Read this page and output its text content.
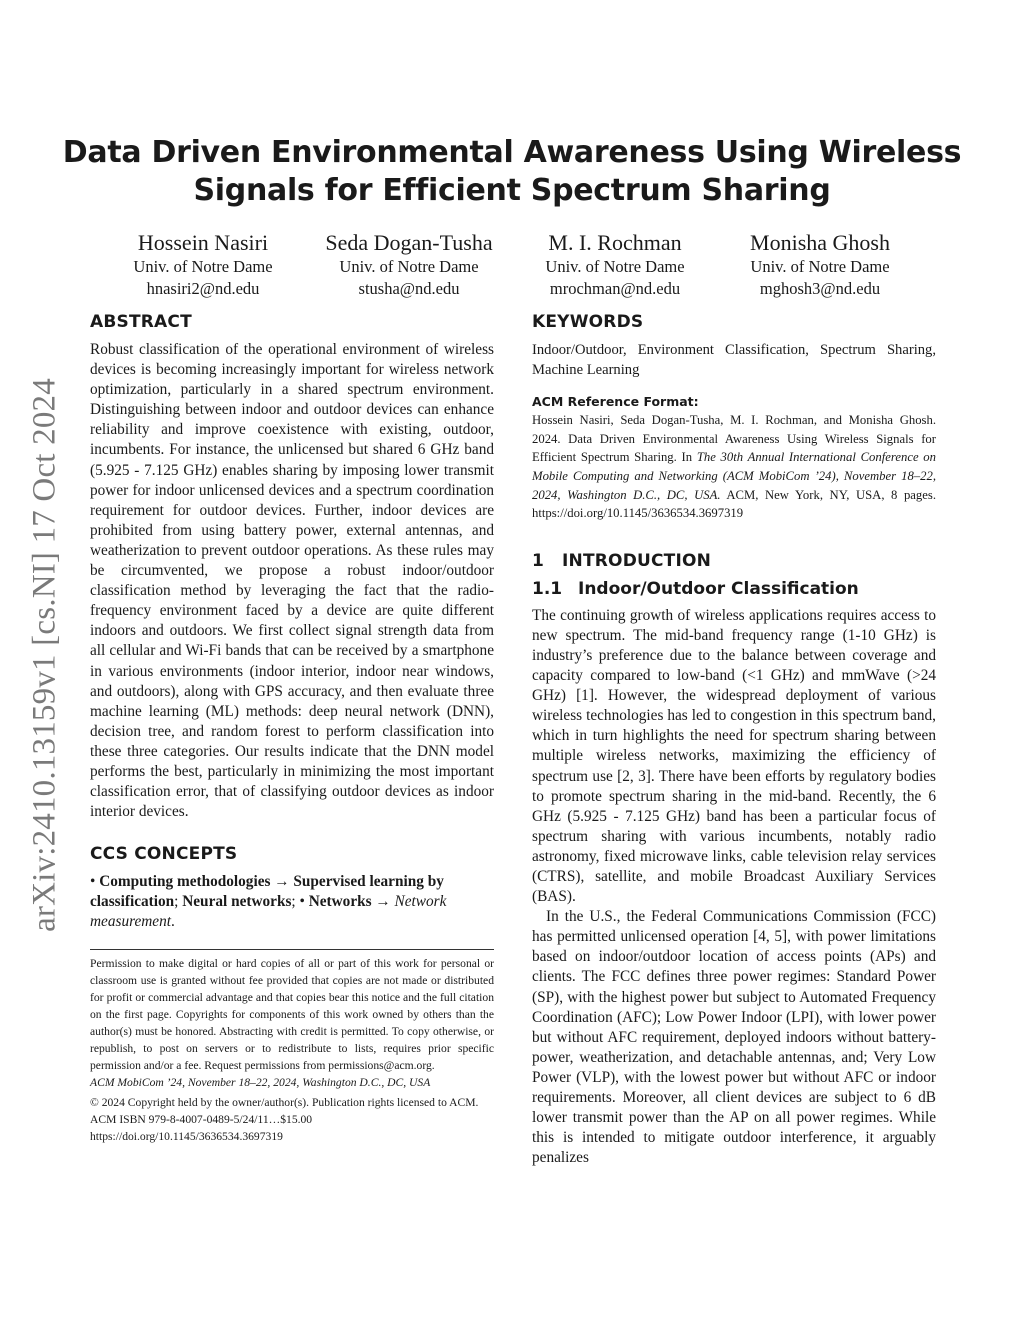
arXiv:2410.13159v1 [cs.NI] 17 Oct 2024
Data Driven Environmental Awareness Using Wireless
Signals for Efficient Spectrum Sharing
Hossein Nasiri
Univ. of Notre Dame
hnasiri2@nd.edu
Seda Dogan-Tusha
Univ. of Notre Dame
stusha@nd.edu
M. I. Rochman
Univ. of Notre Dame
mrochman@nd.edu
Monisha Ghosh
Univ. of Notre Dame
mghosh3@nd.edu
ABSTRACT

Robust classification of the operational environment of wireless devices is becoming increasingly important for wireless network optimization, particularly in a shared spectrum environment. Distinguishing between indoor and outdoor devices can enhance reliability and improve coexistence with existing, outdoor, incumbents. For instance, the unlicensed but shared 6 GHz band (5.925 - 7.125 GHz) enables sharing by imposing lower transmit power for indoor unlicensed devices and a spectrum coordination requirement for outdoor devices. Further, indoor devices are prohibited from using battery power, external antennas, and weatherization to prevent outdoor operations. As these rules may be circumvented, we propose a robust indoor/outdoor classification method by leveraging the fact that the radio-frequency environment faced by a device are quite different indoors and outdoors. We first collect signal strength data from all cellular and Wi-Fi bands that can be received by a smartphone in various environments (indoor interior, indoor near windows, and outdoors), along with GPS accuracy, and then evaluate three machine learning (ML) methods: deep neural network (DNN), decision tree, and random forest to perform classification into these three categories. Our results indicate that the DNN model performs the best, particularly in minimizing the most important classification error, that of classifying outdoor devices as indoor interior devices.

CCS CONCEPTS

• Computing methodologies → Supervised learning by classification; Neural networks; • Networks → Network measurement.

Permission to make digital or hard copies of all or part of this work for personal or classroom use is granted without fee provided that copies are not made or distributed for profit or commercial advantage and that copies bear this notice and the full citation on the first page. Copyrights for components of this work owned by others than the author(s) must be honored. Abstracting with credit is permitted. To copy otherwise, or republish, to post on servers or to redistribute to lists, requires prior specific permission and/or a fee. Request permissions from permissions@acm.org.

ACM MobiCom ’24, November 18–22, 2024, Washington D.C., DC, USA

© 2024 Copyright held by the owner/author(s). Publication rights licensed to ACM.

ACM ISBN 979-8-4007-0489-5/24/11…$15.00

https://doi.org/10.1145/3636534.3697319

KEYWORDS

Indoor/Outdoor, Environment Classification, Spectrum Sharing, Machine Learning

ACM Reference Format:

Hossein Nasiri, Seda Dogan-Tusha, M. I. Rochman, and Monisha Ghosh. 2024. Data Driven Environmental Awareness Using Wireless Signals for Efficient Spectrum Sharing. In The 30th Annual International Conference on Mobile Computing and Networking (ACM MobiCom ’24), November 18–22, 2024, Washington D.C., DC, USA. ACM, New York, NY, USA, 8 pages. https://doi.org/10.1145/3636534.3697319

1 INTRODUCTION
1.1 Indoor/Outdoor Classification

The continuing growth of wireless applications requires access to new spectrum. The mid-band frequency range (1-10 GHz) is industry’s preference due to the balance between coverage and capacity compared to low-band (<1 GHz) and mmWave (>24 GHz) [1]. However, the widespread deployment of various wireless technologies has led to congestion in this spectrum band, which in turn highlights the need for spectrum sharing between multiple wireless networks, maximizing the efficiency of spectrum use [2, 3]. There have been efforts by regulatory bodies to promote spectrum sharing in the mid-band. Recently, the 6 GHz (5.925 - 7.125 GHz) band has been a particular focus of spectrum sharing with various incumbents, notably radio astronomy, fixed microwave links, cable television relay services (CTRS), satellite, and mobile Broadcast Auxiliary Services (BAS).

In the U.S., the Federal Communications Commission (FCC) has permitted unlicensed operation [4, 5], with power limitations based on indoor/outdoor location of access points (APs) and clients. The FCC defines three power regimes: Standard Power (SP), with the highest power but subject to Automated Frequency Coordination (AFC); Low Power Indoor (LPI), with lower power but without AFC requirement, deployed indoors without battery-power, weatherization, and detachable antennas, and; Very Low Power (VLP), with the lowest power but without AFC or indoor requirements. Moreover, all client devices are subject to 6 dB lower transmit power than the AP on all power regimes. While this is intended to mitigate outdoor interference, it arguably penalizes
